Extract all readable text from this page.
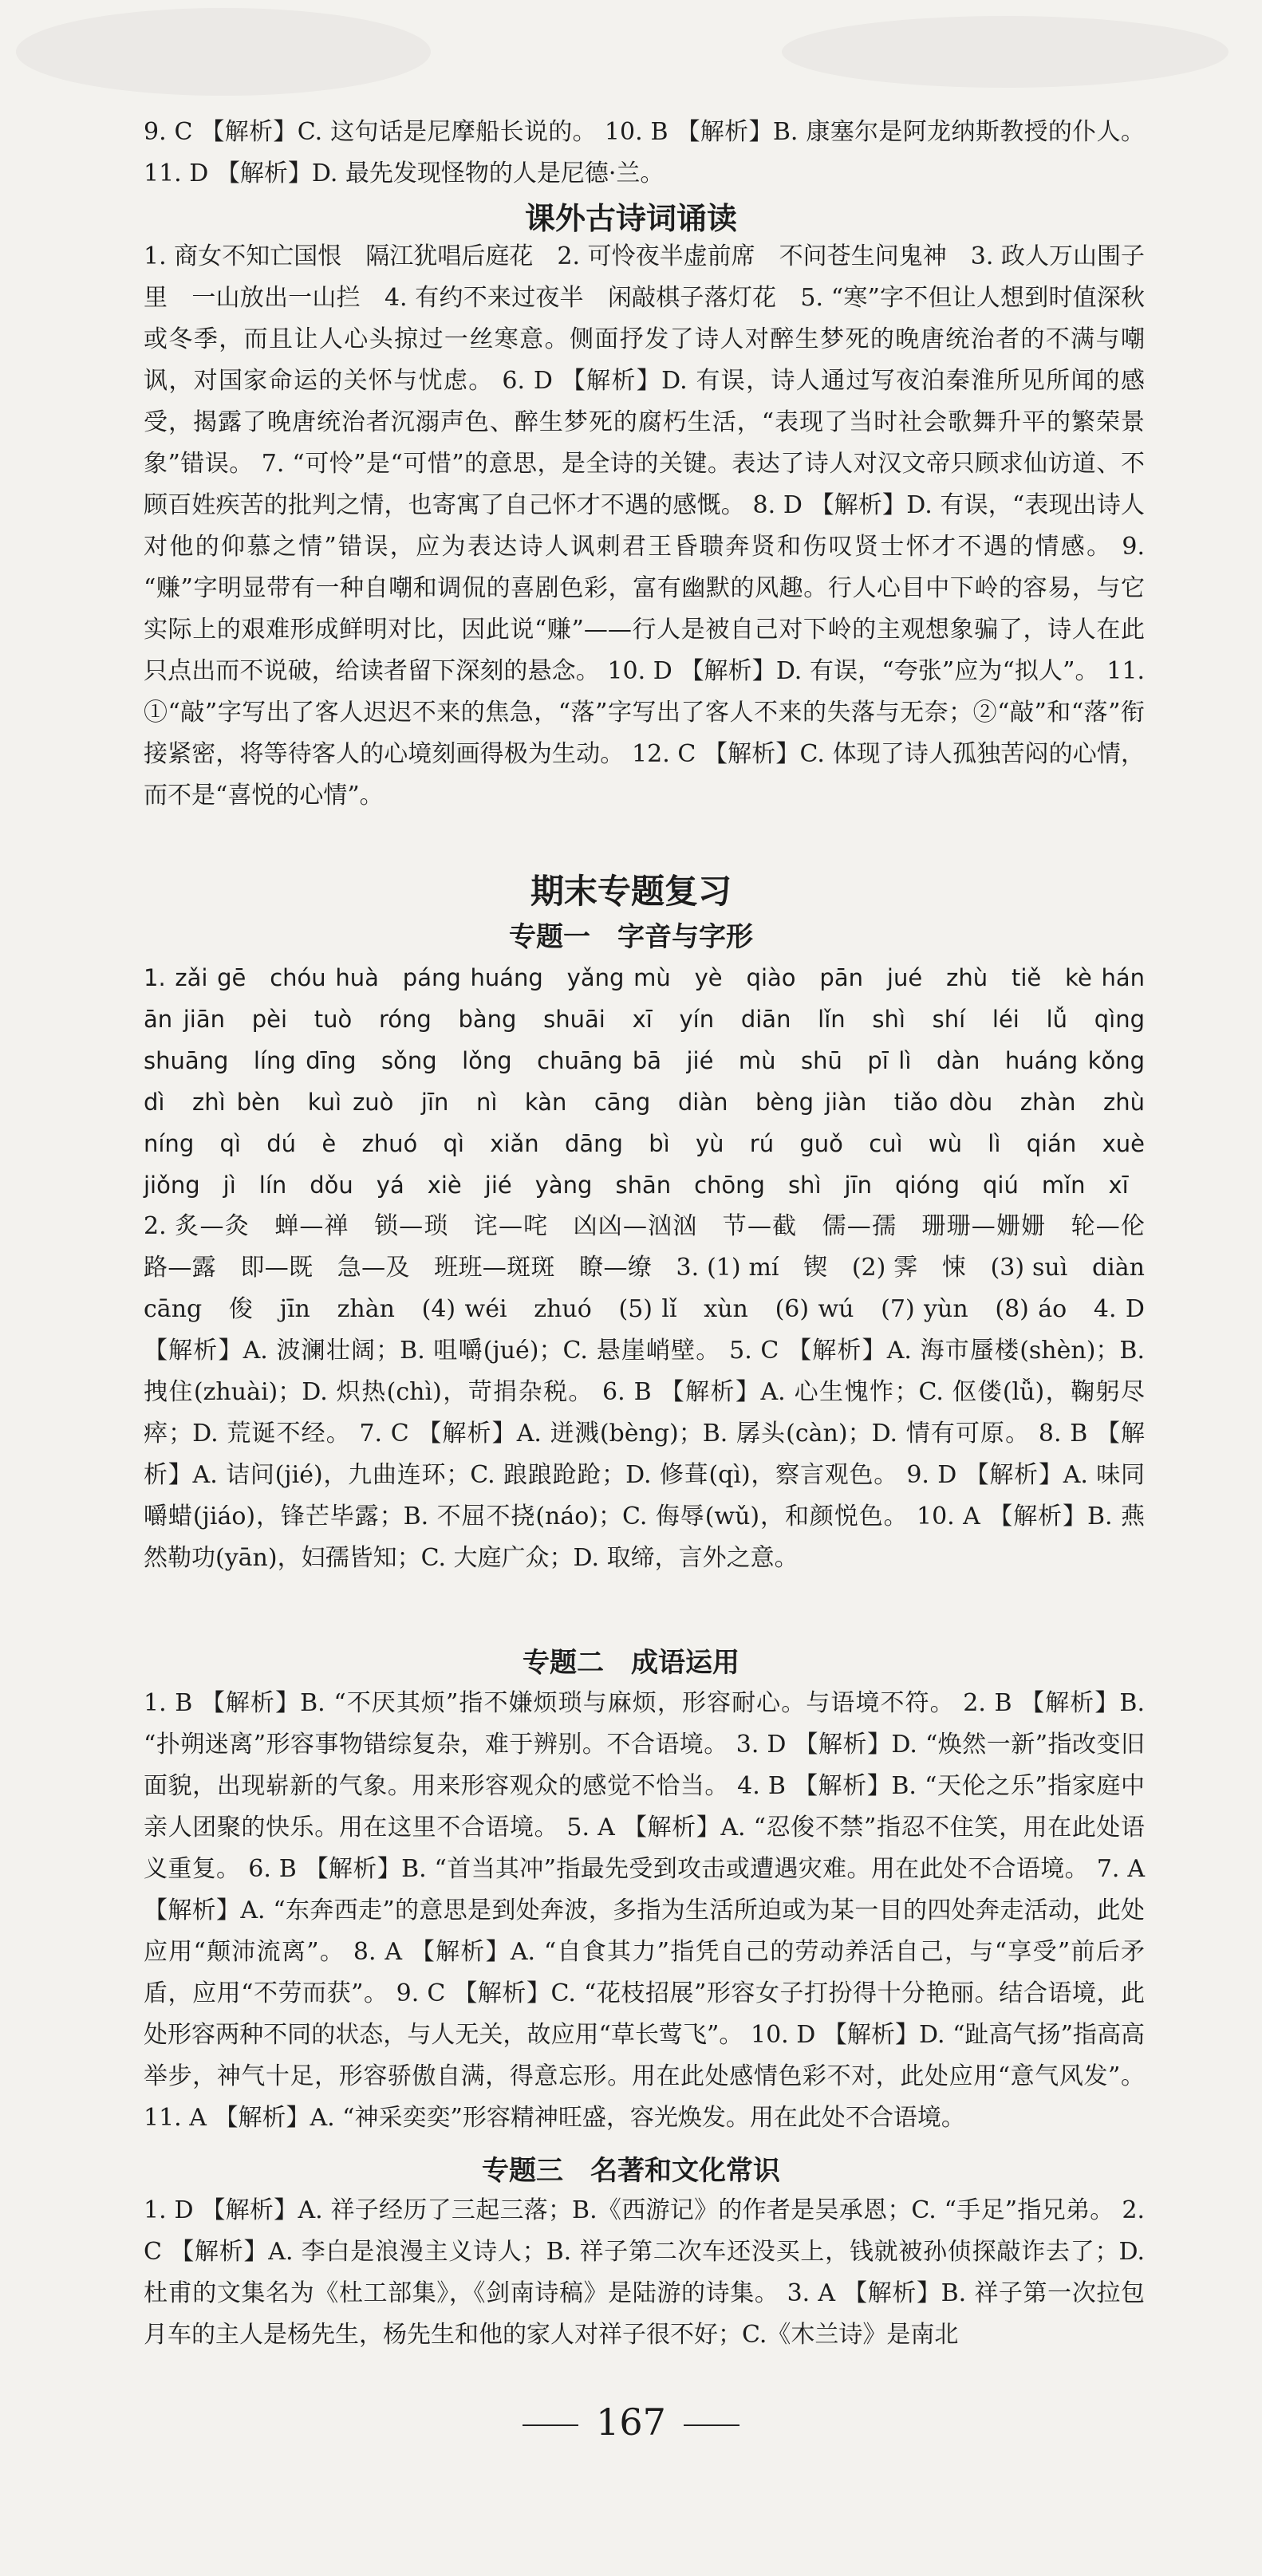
9. C 【解析】C. 这句话是尼摩船长说的。 10. B 【解析】B. 康塞尔是阿龙纳斯教授的仆人。 11. D 【解析】D. 最先发现怪物的人是尼德·兰。

课外古诗词诵读

1. 商女不知亡国恨　隔江犹唱后庭花　2. 可怜夜半虚前席　不问苍生问鬼神　3. 政人万山围子里　一山放出一山拦　4. 有约不来过夜半　闲敲棋子落灯花　5. “寒”字不但让人想到时值深秋或冬季，而且让人心头掠过一丝寒意。侧面抒发了诗人对醉生梦死的晚唐统治者的不满与嘲讽，对国家命运的关怀与忧虑。 6. D 【解析】D. 有误，诗人通过写夜泊秦淮所见所闻的感受，揭露了晚唐统治者沉溺声色、醉生梦死的腐朽生活，“表现了当时社会歌舞升平的繁荣景象”错误。 7. “可怜”是“可惜”的意思，是全诗的关键。表达了诗人对汉文帝只顾求仙访道、不顾百姓疾苦的批判之情，也寄寓了自己怀才不遇的感慨。 8. D 【解析】D. 有误，“表现出诗人对他的仰慕之情”错误，应为表达诗人讽刺君王昏聩奔贤和伤叹贤士怀才不遇的情感。 9. “赚”字明显带有一种自嘲和调侃的喜剧色彩，富有幽默的风趣。行人心目中下岭的容易，与它实际上的艰难形成鲜明对比，因此说“赚”——行人是被自己对下岭的主观想象骗了，诗人在此只点出而不说破，给读者留下深刻的悬念。 10. D 【解析】D. 有误，“夸张”应为“拟人”。 11. ①“敲”字写出了客人迟迟不来的焦急，“落”字写出了客人不来的失落与无奈；②“敲”和“落”衔接紧密，将等待客人的心境刻画得极为生动。 12. C 【解析】C. 体现了诗人孤独苦闷的心情，而不是“喜悦的心情”。

期末专题复习
专题一　字音与字形

1. zǎi gē　chóu huà　páng huáng　yǎng mù　yè　qiào　pān　jué　zhù　tiě　kè hán　ān jiān　pèi　tuò　róng　bàng　shuāi　xī　yín　diān　lǐn　shì　shí　léi　lǚ　qìng　shuāng　líng dīng　sǒng　lǒng　chuāng bā　jié　mù　shū　pī lì　dàn　huáng kǒng　dì　zhì bèn　kuì zuò　jīn　nì　kàn　cāng　diàn　bèng jiàn　tiǎo dòu　zhàn　zhù　níng　qì　dú　è　zhuó　qì　xiǎn　dāng　bì　yù　rú　guǒ　cuì　wù　lì　qián　xuè　jiǒng　jì　lín　dǒu　yá　xiè　jié　yàng　shān　chōng　shì　jīn　qióng　qiú　mǐn　xī

2. 炙—灸　蝉—禅　锁—琐　诧—咤　凶凶—汹汹　节—截　儒—孺　珊珊—姗姗　轮—伦　路—露　即—既　急—及　班班—斑斑　瞭—缭　3. (1) mí　锲　(2) 霁　悚　(3) suì　diàn　cāng　俊　jīn　zhàn　(4) wéi　zhuó　(5) lǐ　xùn　(6) wú　(7) yùn　(8) áo　4. D 【解析】A. 波澜壮阔；B. 咀嚼(jué)；C. 悬崖峭壁。 5. C 【解析】A. 海市蜃楼(shèn)；B. 拽住(zhuài)；D. 炽热(chì)，苛捐杂税。 6. B 【解析】A. 心生愧怍；C. 伛偻(lǚ)，鞠躬尽瘁；D. 荒诞不经。 7. C 【解析】A. 迸溅(bèng)；B. 孱头(càn)；D. 情有可原。 8. B 【解析】A. 诘问(jié)，九曲连环；C. 踉踉跄跄；D. 修葺(qì)，察言观色。 9. D 【解析】A. 味同嚼蜡(jiáo)，锋芒毕露；B. 不屈不挠(náo)；C. 侮辱(wǔ)，和颜悦色。 10. A 【解析】B. 燕然勒功(yān)，妇孺皆知；C. 大庭广众；D. 取缔，言外之意。

专题二　成语运用

1. B 【解析】B. “不厌其烦”指不嫌烦琐与麻烦，形容耐心。与语境不符。 2. B 【解析】B. “扑朔迷离”形容事物错综复杂，难于辨别。不合语境。 3. D 【解析】D. “焕然一新”指改变旧面貌，出现崭新的气象。用来形容观众的感觉不恰当。 4. B 【解析】B. “天伦之乐”指家庭中亲人团聚的快乐。用在这里不合语境。 5. A 【解析】A. “忍俊不禁”指忍不住笑，用在此处语义重复。 6. B 【解析】B. “首当其冲”指最先受到攻击或遭遇灾难。用在此处不合语境。 7. A 【解析】A. “东奔西走”的意思是到处奔波，多指为生活所迫或为某一目的四处奔走活动，此处应用“颠沛流离”。 8. A 【解析】A. “自食其力”指凭自己的劳动养活自己，与“享受”前后矛盾，应用“不劳而获”。 9. C 【解析】C. “花枝招展”形容女子打扮得十分艳丽。结合语境，此处形容两种不同的状态，与人无关，故应用“草长莺飞”。 10. D 【解析】D. “趾高气扬”指高高举步，神气十足，形容骄傲自满，得意忘形。用在此处感情色彩不对，此处应用“意气风发”。 11. A 【解析】A. “神采奕奕”形容精神旺盛，容光焕发。用在此处不合语境。

专题三　名著和文化常识

1. D 【解析】A. 祥子经历了三起三落；B.《西游记》的作者是吴承恩；C. “手足”指兄弟。 2. C 【解析】A. 李白是浪漫主义诗人；B. 祥子第二次车还没买上，钱就被孙侦探敲诈去了；D. 杜甫的文集名为《杜工部集》，《剑南诗稿》是陆游的诗集。 3. A 【解析】B. 祥子第一次拉包月车的主人是杨先生，杨先生和他的家人对祥子很不好；C.《木兰诗》是南北

167
